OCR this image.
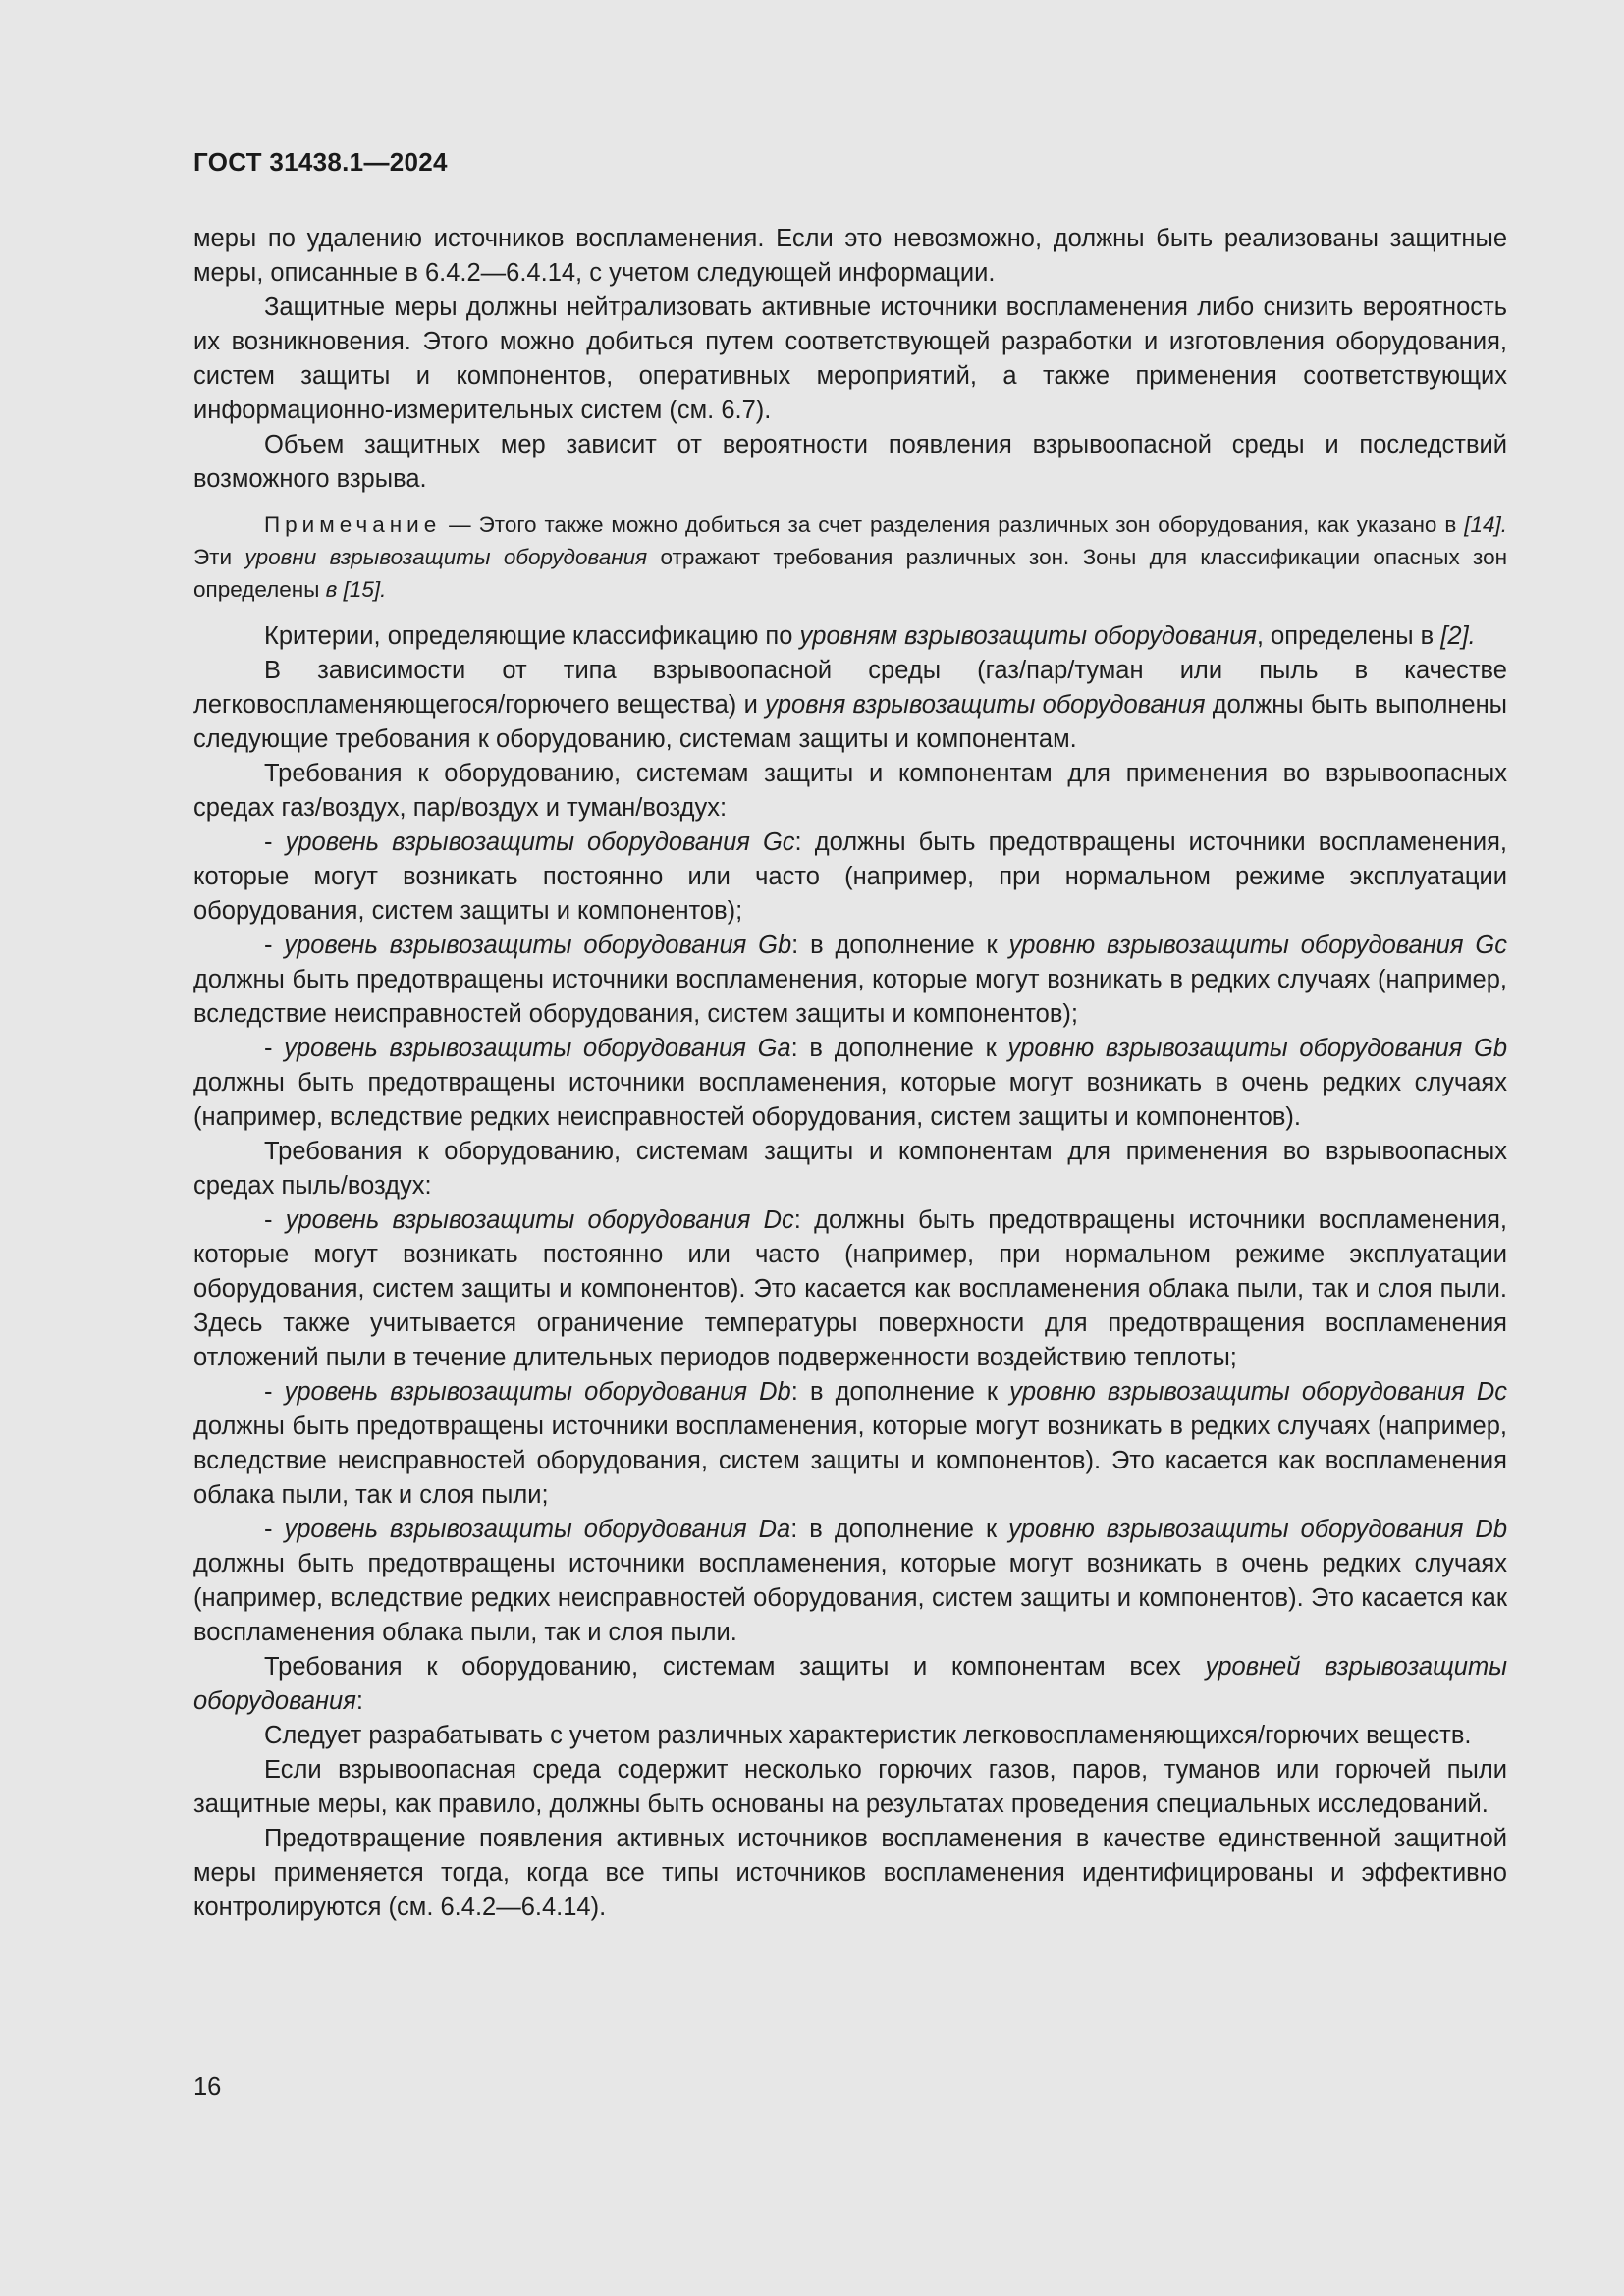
ГОСТ 31438.1—2024

меры по удалению источников воспламенения. Если это невозможно, должны быть реализованы защитные меры, описанные в 6.4.2—6.4.14, с учетом следующей информации.

Защитные меры должны нейтрализовать активные источники воспламенения либо снизить вероятность их возникновения. Этого можно добиться путем соответствующей разработки и изготовления оборудования, систем защиты и компонентов, оперативных мероприятий, а также применения соответствующих информационно-измерительных систем (см. 6.7).

Объем защитных мер зависит от вероятности появления взрывоопасной среды и последствий возможного взрыва.

Примечание — Этого также можно добиться за счет разделения различных зон оборудования, как указано в [14]. Эти уровни взрывозащиты оборудования отражают требования различных зон. Зоны для классификации опасных зон определены в [15].

Критерии, определяющие классификацию по уровням взрывозащиты оборудования, определены в [2].

В зависимости от типа взрывоопасной среды (газ/пар/туман или пыль в качестве легковоспламеняющегося/горючего вещества) и уровня взрывозащиты оборудования должны быть выполнены следующие требования к оборудованию, системам защиты и компонентам.

Требования к оборудованию, системам защиты и компонентам для применения во взрывоопасных средах газ/воздух, пар/воздух и туман/воздух:

- уровень взрывозащиты оборудования Gc: должны быть предотвращены источники воспламенения, которые могут возникать постоянно или часто (например, при нормальном режиме эксплуатации оборудования, систем защиты и компонентов);

- уровень взрывозащиты оборудования Gb: в дополнение к уровню взрывозащиты оборудования Gc должны быть предотвращены источники воспламенения, которые могут возникать в редких случаях (например, вследствие неисправностей оборудования, систем защиты и компонентов);

- уровень взрывозащиты оборудования Ga: в дополнение к уровню взрывозащиты оборудования Gb должны быть предотвращены источники воспламенения, которые могут возникать в очень редких случаях (например, вследствие редких неисправностей оборудования, систем защиты и компонентов).

Требования к оборудованию, системам защиты и компонентам для применения во взрывоопасных средах пыль/воздух:

- уровень взрывозащиты оборудования Dc: должны быть предотвращены источники воспламенения, которые могут возникать постоянно или часто (например, при нормальном режиме эксплуатации оборудования, систем защиты и компонентов). Это касается как воспламенения облака пыли, так и слоя пыли. Здесь также учитывается ограничение температуры поверхности для предотвращения воспламенения отложений пыли в течение длительных периодов подверженности воздействию теплоты;

- уровень взрывозащиты оборудования Db: в дополнение к уровню взрывозащиты оборудования Dc должны быть предотвращены источники воспламенения, которые могут возникать в редких случаях (например, вследствие неисправностей оборудования, систем защиты и компонентов). Это касается как воспламенения облака пыли, так и слоя пыли;

- уровень взрывозащиты оборудования Da: в дополнение к уровню взрывозащиты оборудования Db должны быть предотвращены источники воспламенения, которые могут возникать в очень редких случаях (например, вследствие редких неисправностей оборудования, систем защиты и компонентов). Это касается как воспламенения облака пыли, так и слоя пыли.

Требования к оборудованию, системам защиты и компонентам всех уровней взрывозащиты оборудования:

Следует разрабатывать с учетом различных характеристик легковоспламеняющихся/горючих веществ.

Если взрывоопасная среда содержит несколько горючих газов, паров, туманов или горючей пыли защитные меры, как правило, должны быть основаны на результатах проведения специальных исследований.

Предотвращение появления активных источников воспламенения в качестве единственной защитной меры применяется тогда, когда все типы источников воспламенения идентифицированы и эффективно контролируются (см. 6.4.2—6.4.14).

16
